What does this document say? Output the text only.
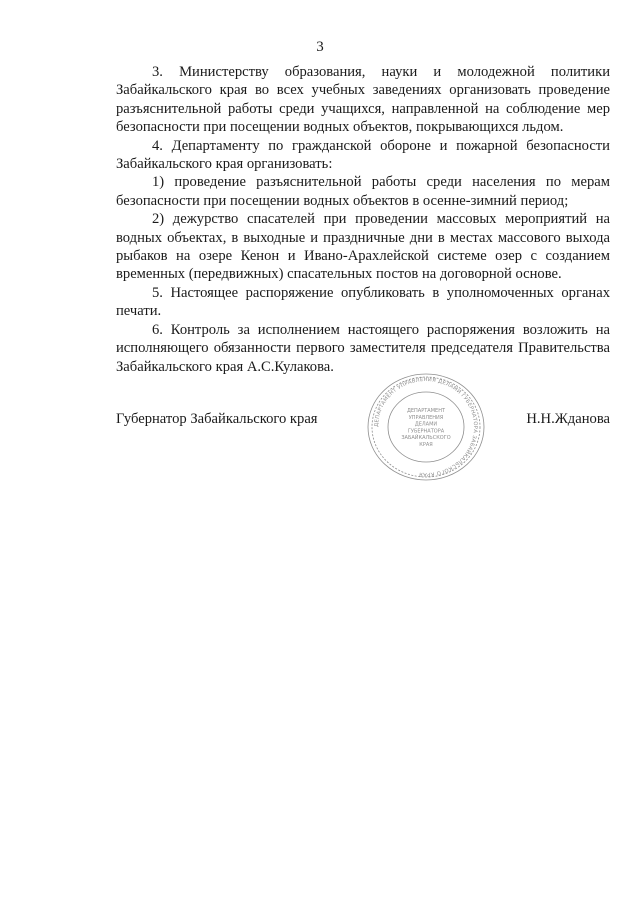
3

3. Министерству образования, науки и молодежной политики Забайкальского края во всех учебных заведениях организовать проведение разъяснительной работы среди учащихся, направленной на соблюдение мер безопасности при посещении водных объектов, покрывающихся льдом.

4. Департаменту по гражданской обороне и пожарной безопасности Забайкальского края организовать:

1) проведение разъяснительной работы среди населения по мерам безопасности при посещении водных объектов в осенне-зимний период;

2) дежурство спасателей при проведении массовых мероприятий на водных объектах, в выходные и праздничные дни в местах массового выхода рыбаков на озере Кенон и Ивано-Арахлейской системе озер с созданием временных (передвижных) спасательных постов на договорной основе.

5. Настоящее распоряжение опубликовать в уполномоченных органах печати.

6. Контроль за исполнением настоящего распоряжения возложить на исполняющего обязанности первого заместителя председателя Правительства Забайкальского края А.С.Кулакова.

Губернатор Забайкальского края	Н.Н.Жданова
ДЕПАРТАМЕНТ УПРАВЛЕНИЯ ДЕЛАМИ ГУБЕРНАТОРА ЗАБАЙКАЛЬСКОГО КРАЯ
ДЕПАРТАМЕНТ
УПРАВЛЕНИЯ
ДЕЛАМИ
ГУБЕРНАТОРА
ЗАБАЙКАЛЬСКОГО
КРАЯ
